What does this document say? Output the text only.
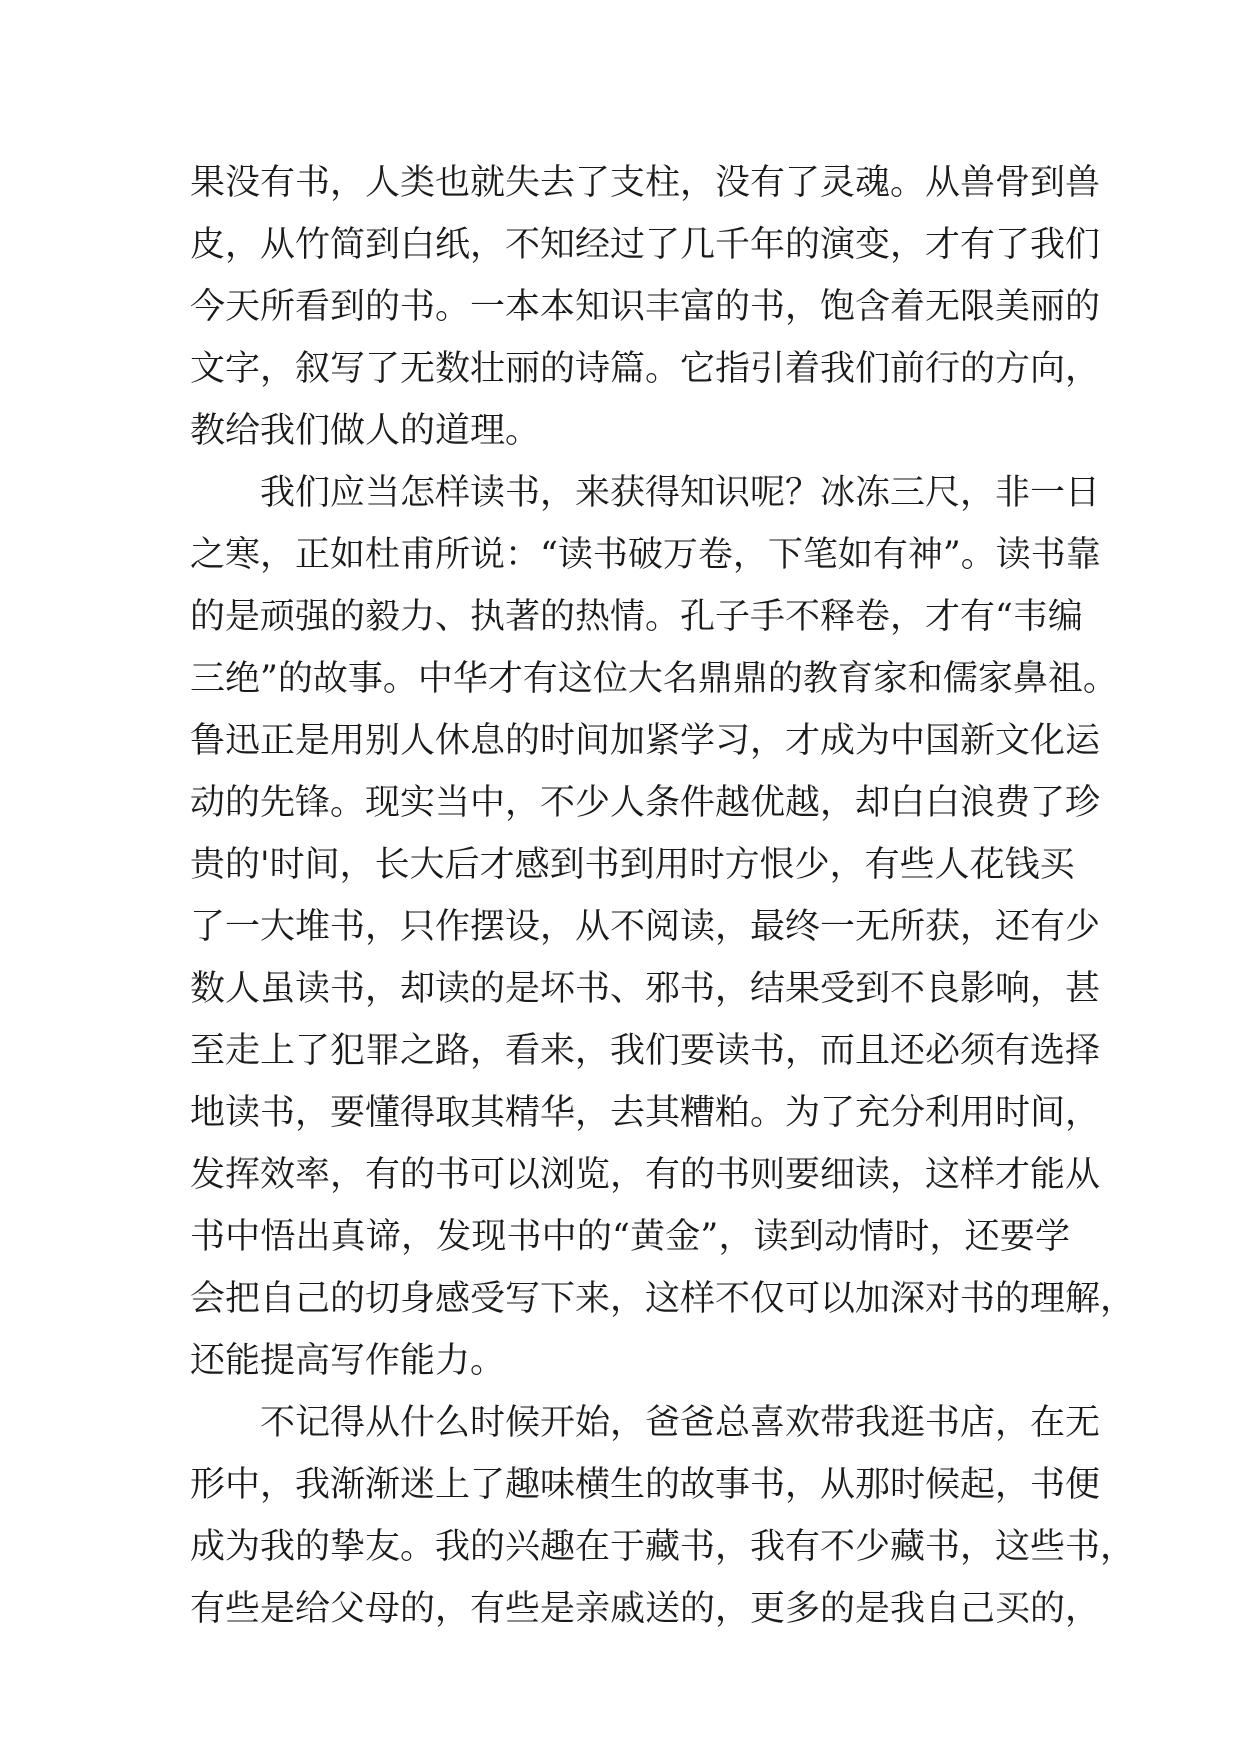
果没有书，人类也就失去了支柱，没有了灵魂。从兽骨到兽
皮，从竹简到白纸，不知经过了几千年的演变，才有了我们
今天所看到的书。一本本知识丰富的书，饱含着无限美丽的
文字，叙写了无数壮丽的诗篇。它指引着我们前行的方向，
教给我们做人的道理。
我们应当怎样读书，来获得知识呢？冰冻三尺，非一日
之寒，正如杜甫所说：“读书破万卷，下笔如有神”。读书靠
的是顽强的毅力、执著的热情。孔子手不释卷，才有“韦编
三绝”的故事。中华才有这位大名鼎鼎的教育家和儒家鼻祖。
鲁迅正是用别人休息的时间加紧学习，才成为中国新文化运
动的先锋。现实当中，不少人条件越优越，却白白浪费了珍
贵的'时间，长大后才感到书到用时方恨少，有些人花钱买
了一大堆书，只作摆设，从不阅读，最终一无所获，还有少
数人虽读书，却读的是坏书、邪书，结果受到不良影响，甚
至走上了犯罪之路，看来，我们要读书，而且还必须有选择
地读书，要懂得取其精华，去其糟粕。为了充分利用时间，
发挥效率，有的书可以浏览，有的书则要细读，这样才能从
书中悟出真谛，发现书中的“黄金”，读到动情时，还要学
会把自己的切身感受写下来，这样不仅可以加深对书的理解，
还能提高写作能力。
不记得从什么时候开始，爸爸总喜欢带我逛书店，在无
形中，我渐渐迷上了趣味横生的故事书，从那时候起，书便
成为我的挚友。我的兴趣在于藏书，我有不少藏书，这些书，
有些是给父母的，有些是亲戚送的，更多的是我自己买的，
